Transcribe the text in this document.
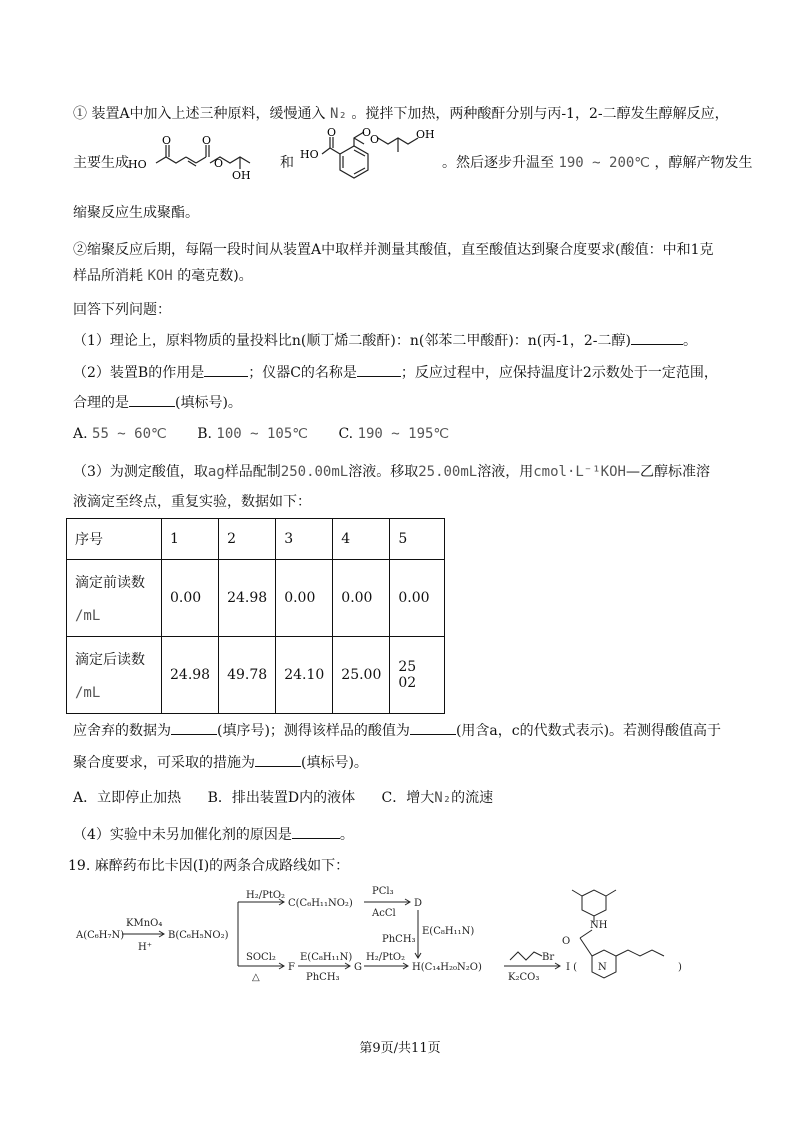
① 装置A中加入上述三种原料，缓慢通入 N₂ 。搅拌下加热，两种酸酐分别与丙-1，2-二醇发生醇解反应，
主要生成 HO
O	O
O
OH
和
HO
O O
O	OH
。然后逐步升温至 190 ~ 200℃ ，醇解产物发生
缩聚反应生成聚酯。
②缩聚反应后期，每隔一段时间从装置A中取样并测量其酸值，直至酸值达到聚合度要求(酸值：中和1克
样品所消耗 KOH 的毫克数)。
回答下列问题：
（1）理论上，原料物质的量投料比n(顺丁烯二酸酐)：n(邻苯二甲酸酐)：n(丙-1，2-二醇)	。
（2）装置B的作用是	；仪器C的名称是	；反应过程中，应保持温度计2示数处于一定范围，
合理的是	(填标号)。
A. 55 ~ 60℃ B. 100 ~ 105℃ C. 190 ~ 195℃
（3）为测定酸值，取ag样品配制250.00mL溶液。移取25.00mL溶液，用cmol·L⁻¹KOH—乙醇标准溶
液滴定至终点，重复实验，数据如下：
序号	1	2	3	4	5

滴定前读数
/mL	0.00	24.98	0.00	0.00	0.00

滴定后读数
/mL	24.98	49.78	24.10	25.00	25 02
应舍弃的数据为	(填序号)；测得该样品的酸值为	(用含a，c的代数式表示)。若测得酸值高于
聚合度要求，可采取的措施为	(填标号)。
A．立即停止加热 B．排出装置D内的液体 C．增大N₂的流速
（4）实验中未另加催化剂的原因是	。
19. 麻醉药布比卡因(I)的两条合成路线如下：
A(C₆H₇N)
KMnO₄
H⁺
B(C₆H₅NO₂)
H₂/PtO₂
C(C₆H₁₁NO₂)
PCl₃
AcCl
D
PhCH₃
E(C₈H₁₁N)
SOCl₂
△
F
E(C₈H₁₁N)
PhCH₃
G
H₂/PtO₂
H(C₁₄H₂₀N₂O)
Br
K₂CO₃
I (
O
NH
N	)
第9页/共11页
